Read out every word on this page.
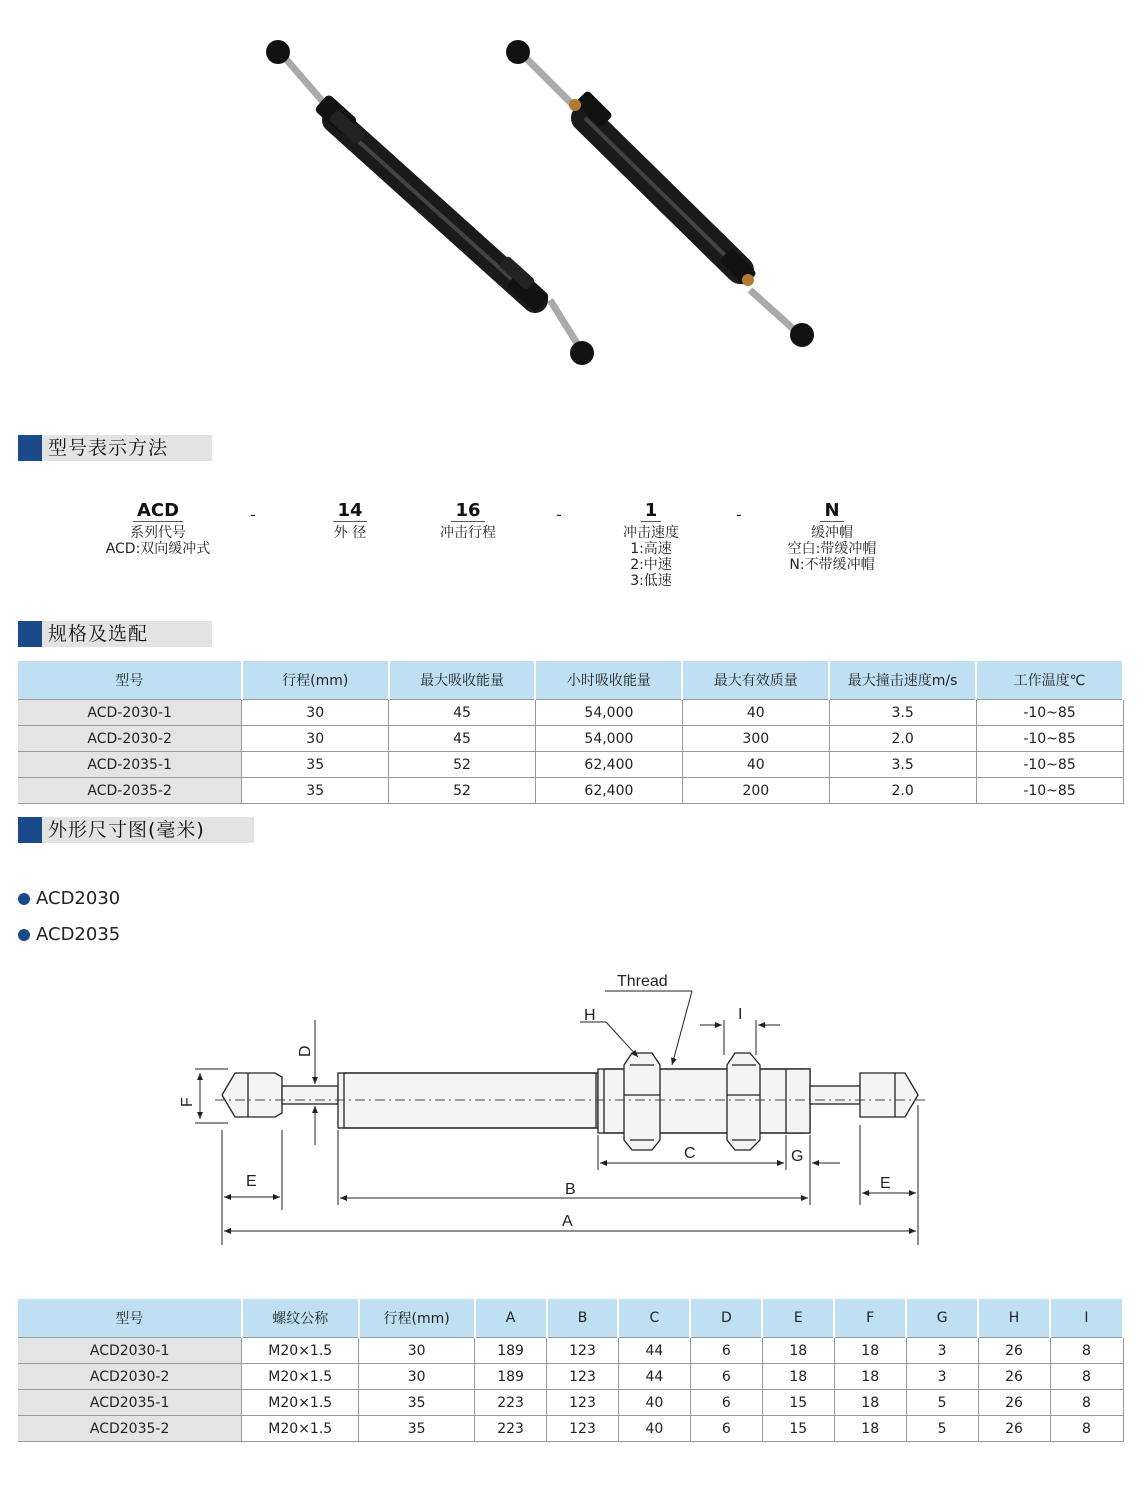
型号表示方法
ACD
系列代号
ACD:双向缓冲式
-	14
外 径
16
冲击行程
-	1
冲击速度
1:高速
2:中速
3:低速
-	N
缓冲帽
空白:带缓冲帽
N:不带缓冲帽
规格及选配
型号	行程(mm)	最大吸收能量	小时吸收能量	最大有效质量	最大撞击速度m/s	工作温度℃
ACD-2030-1	30	45	54,000	40	3.5	-10~85
ACD-2030-2	30	45	54,000	300	2.0	-10~85
ACD-2035-1	35	52	62,400	40	3.5	-10~85
ACD-2035-2	35	52	62,400	200	2.0	-10~85
外形尺寸图(毫米)
ACD2030
ACD2035
Thread
H	I
D
F
C	G
E	B	E
A
型号	螺纹公称	行程(mm)	A	B	C	D	E	F	G	H	I
ACD2030-1	M20×1.5	30	189	123	44	6	18	18	3	26	8
ACD2030-2	M20×1.5	30	189	123	44	6	18	18	3	26	8
ACD2035-1	M20×1.5	35	223	123	40	6	15	18	5	26	8
ACD2035-2	M20×1.5	35	223	123	40	6	15	18	5	26	8
